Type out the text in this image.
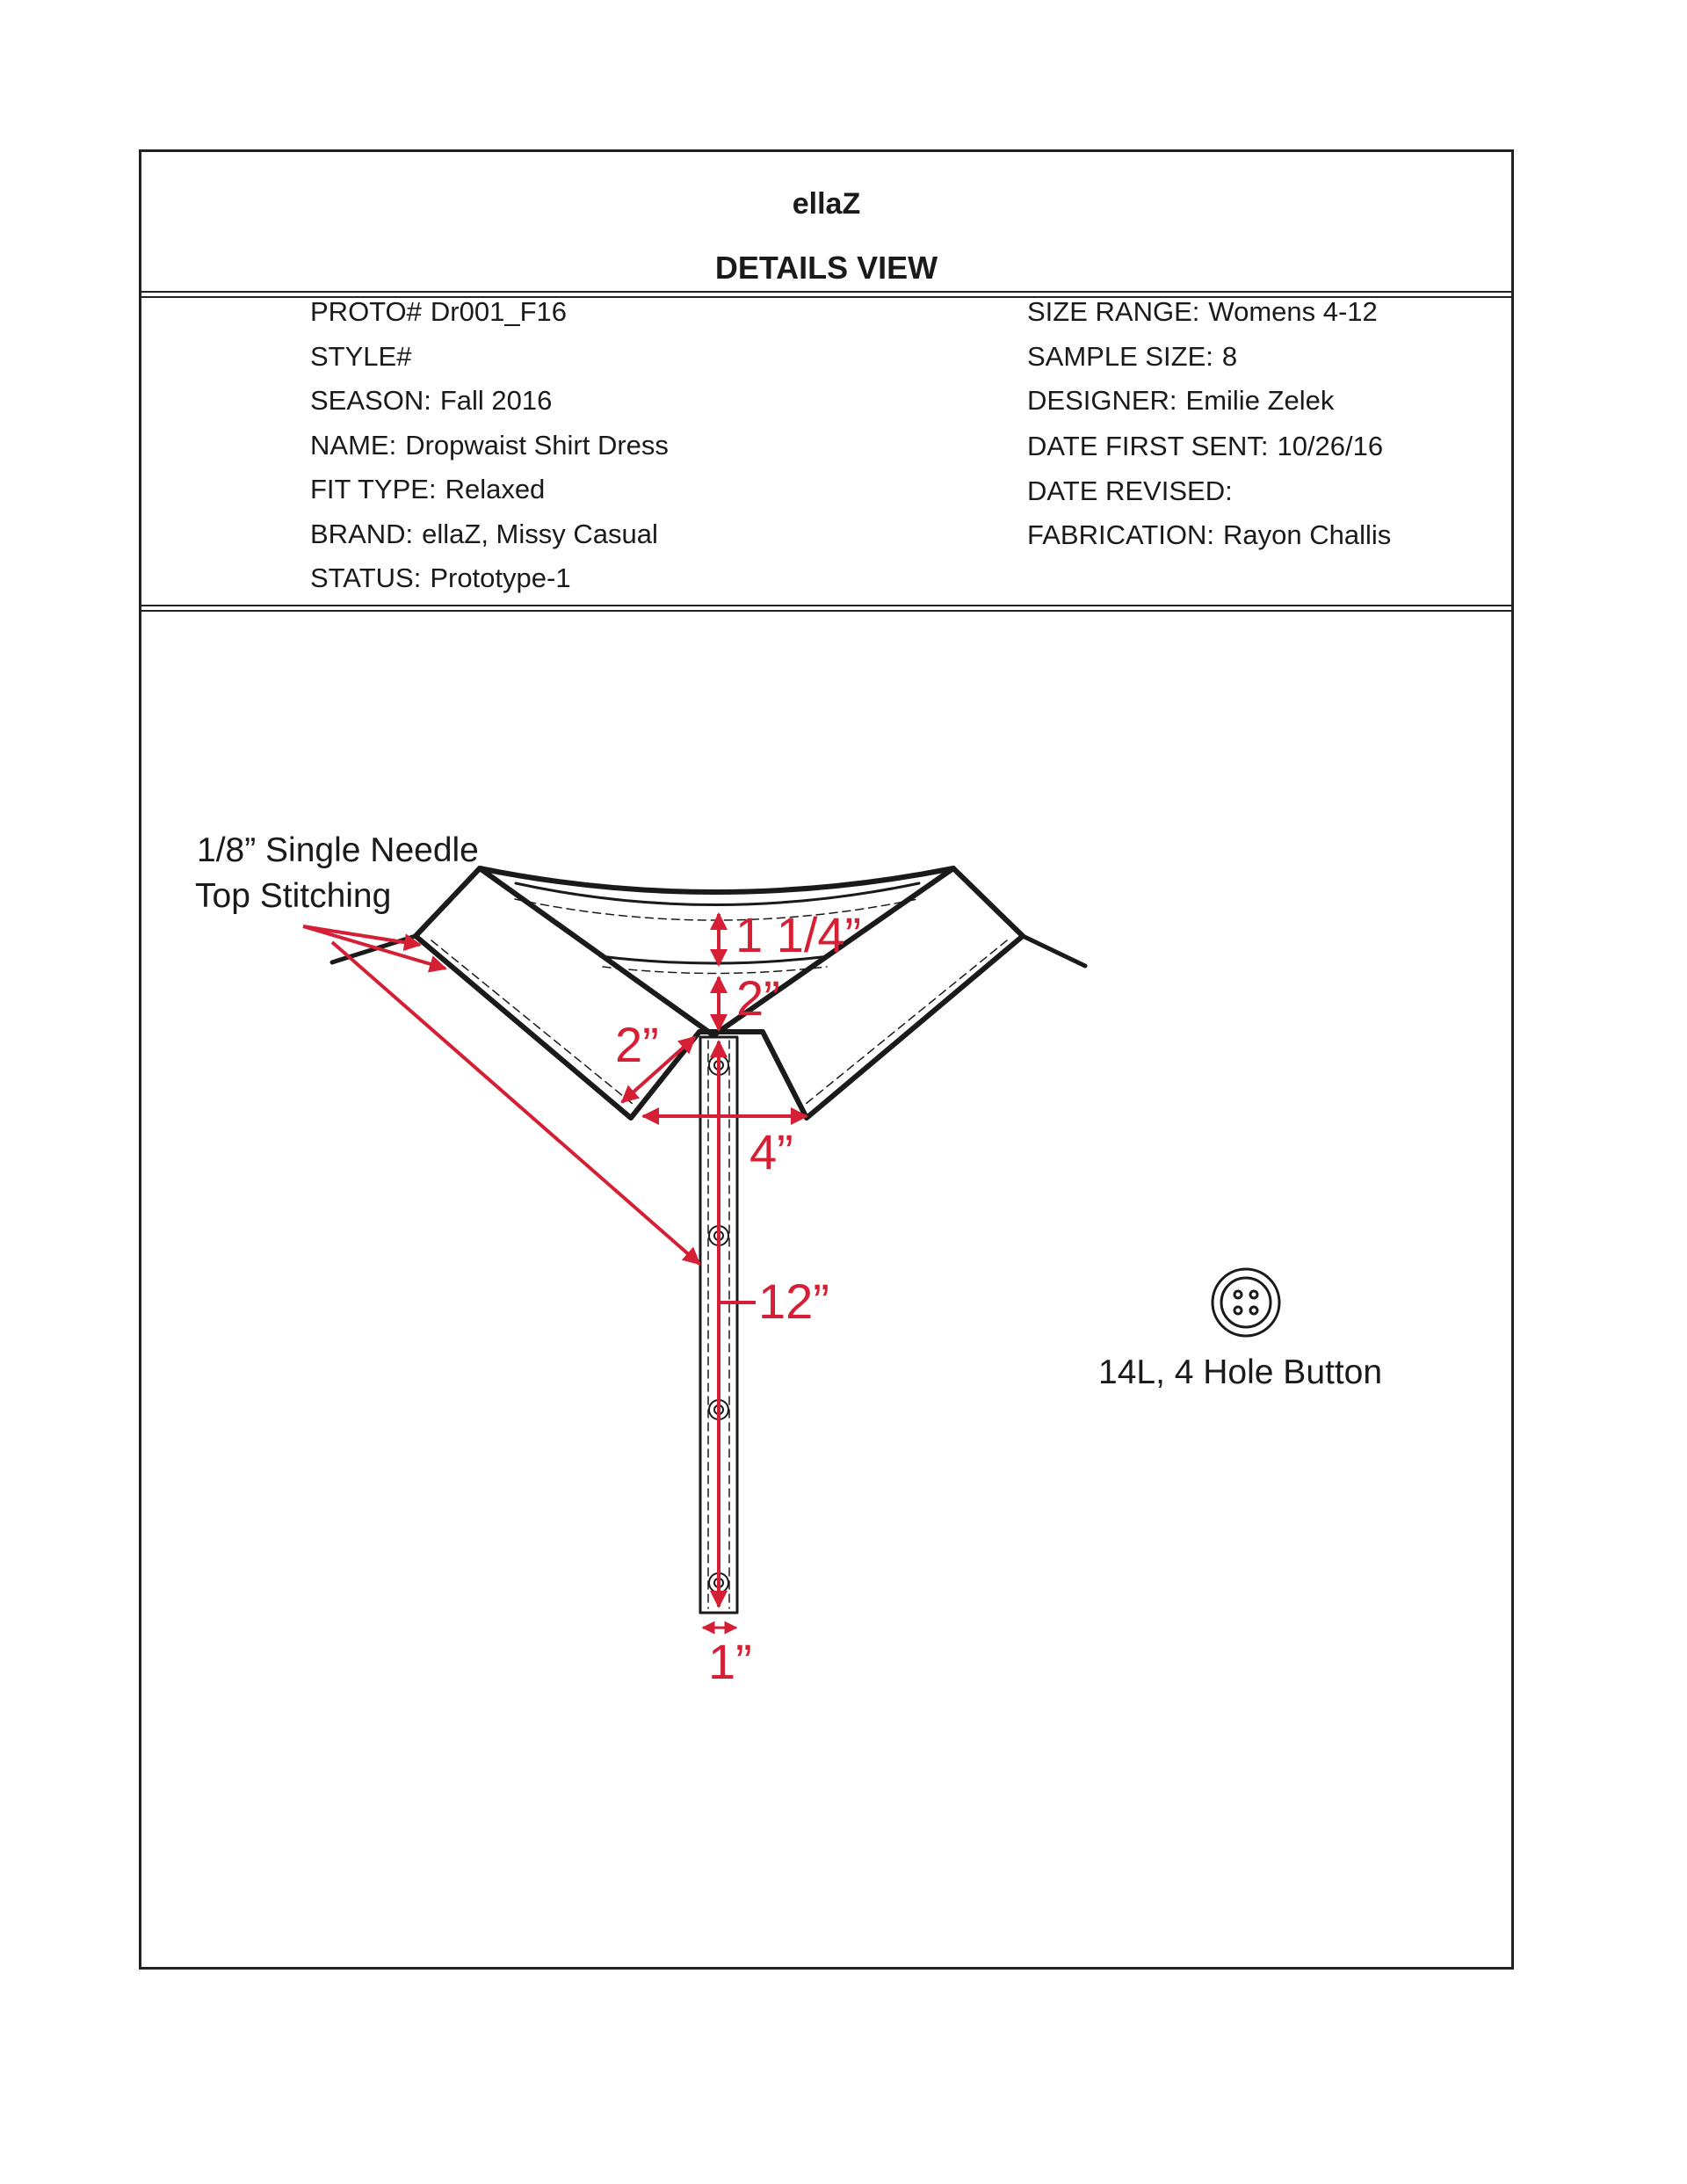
ellaZ
DETAILS VIEW
PROTO# Dr001_F16
STYLE#
SEASON: Fall 2016
NAME: Dropwaist Shirt Dress
FIT TYPE: Relaxed
BRAND: ellaZ, Missy Casual
STATUS: Prototype-1
SIZE RANGE: Womens 4-12
SAMPLE SIZE: 8
DESIGNER: Emilie Zelek
DATE FIRST SENT: 10/26/16
DATE REVISED:
FABRICATION: Rayon Challis
1 1/4”
2”
2”
4”
12”
1”
1/8” Single Needle
Top Stitching
14L, 4 Hole Button
